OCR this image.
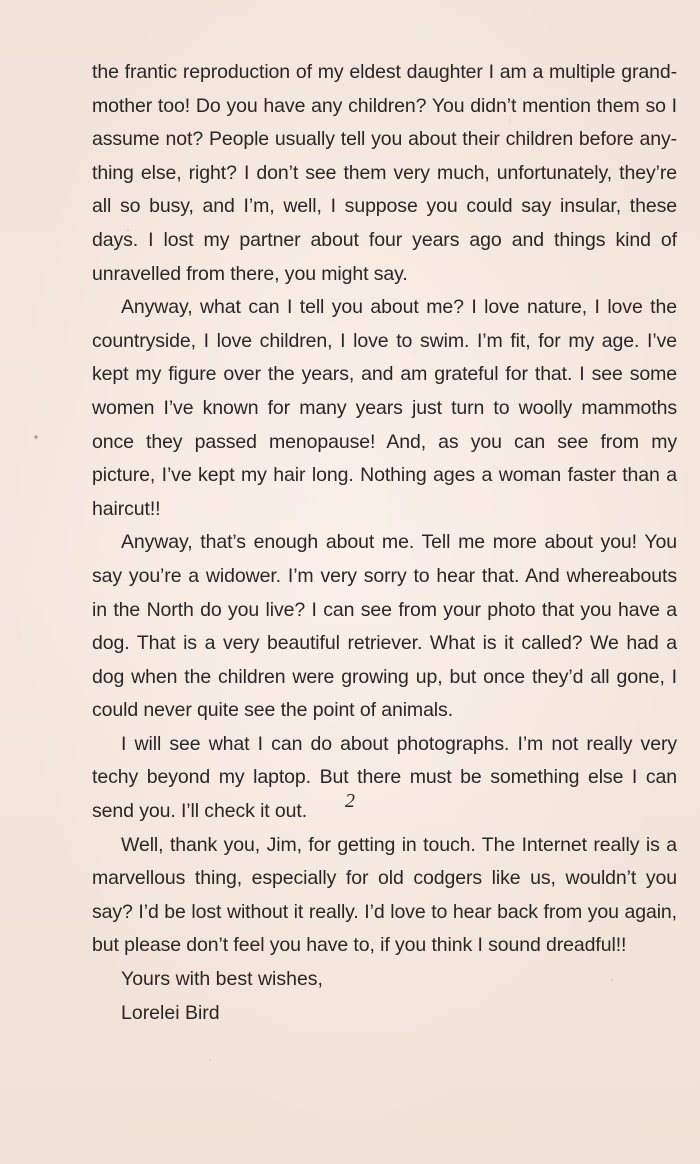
the frantic reproduction of my eldest daughter I am a multiple grand-mother too! Do you have any children? You didn’t mention them so I assume not? People usually tell you about their children before any-thing else, right? I don’t see them very much, unfortunately, they’re all so busy, and I’m, well, I suppose you could say insular, these days. I lost my partner about four years ago and things kind of unravelled from there, you might say.

Anyway, what can I tell you about me? I love nature, I love the countryside, I love children, I love to swim. I’m fit, for my age. I’ve kept my figure over the years, and am grateful for that. I see some women I’ve known for many years just turn to woolly mammoths once they passed menopause! And, as you can see from my picture, I’ve kept my hair long. Nothing ages a woman faster than a haircut!!

Anyway, that’s enough about me. Tell me more about you! You say you’re a widower. I’m very sorry to hear that. And whereabouts in the North do you live? I can see from your photo that you have a dog. That is a very beautiful retriever. What is it called? We had a dog when the children were growing up, but once they’d all gone, I could never quite see the point of animals.

I will see what I can do about photographs. I’m not really very techy beyond my laptop. But there must be something else I can send you. I’ll check it out.

Well, thank you, Jim, for getting in touch. The Internet really is a marvellous thing, especially for old codgers like us, wouldn’t you say? I’d be lost without it really. I’d love to hear back from you again, but please don’t feel you have to, if you think I sound dreadful!!

Yours with best wishes,

Lorelei Bird

2
